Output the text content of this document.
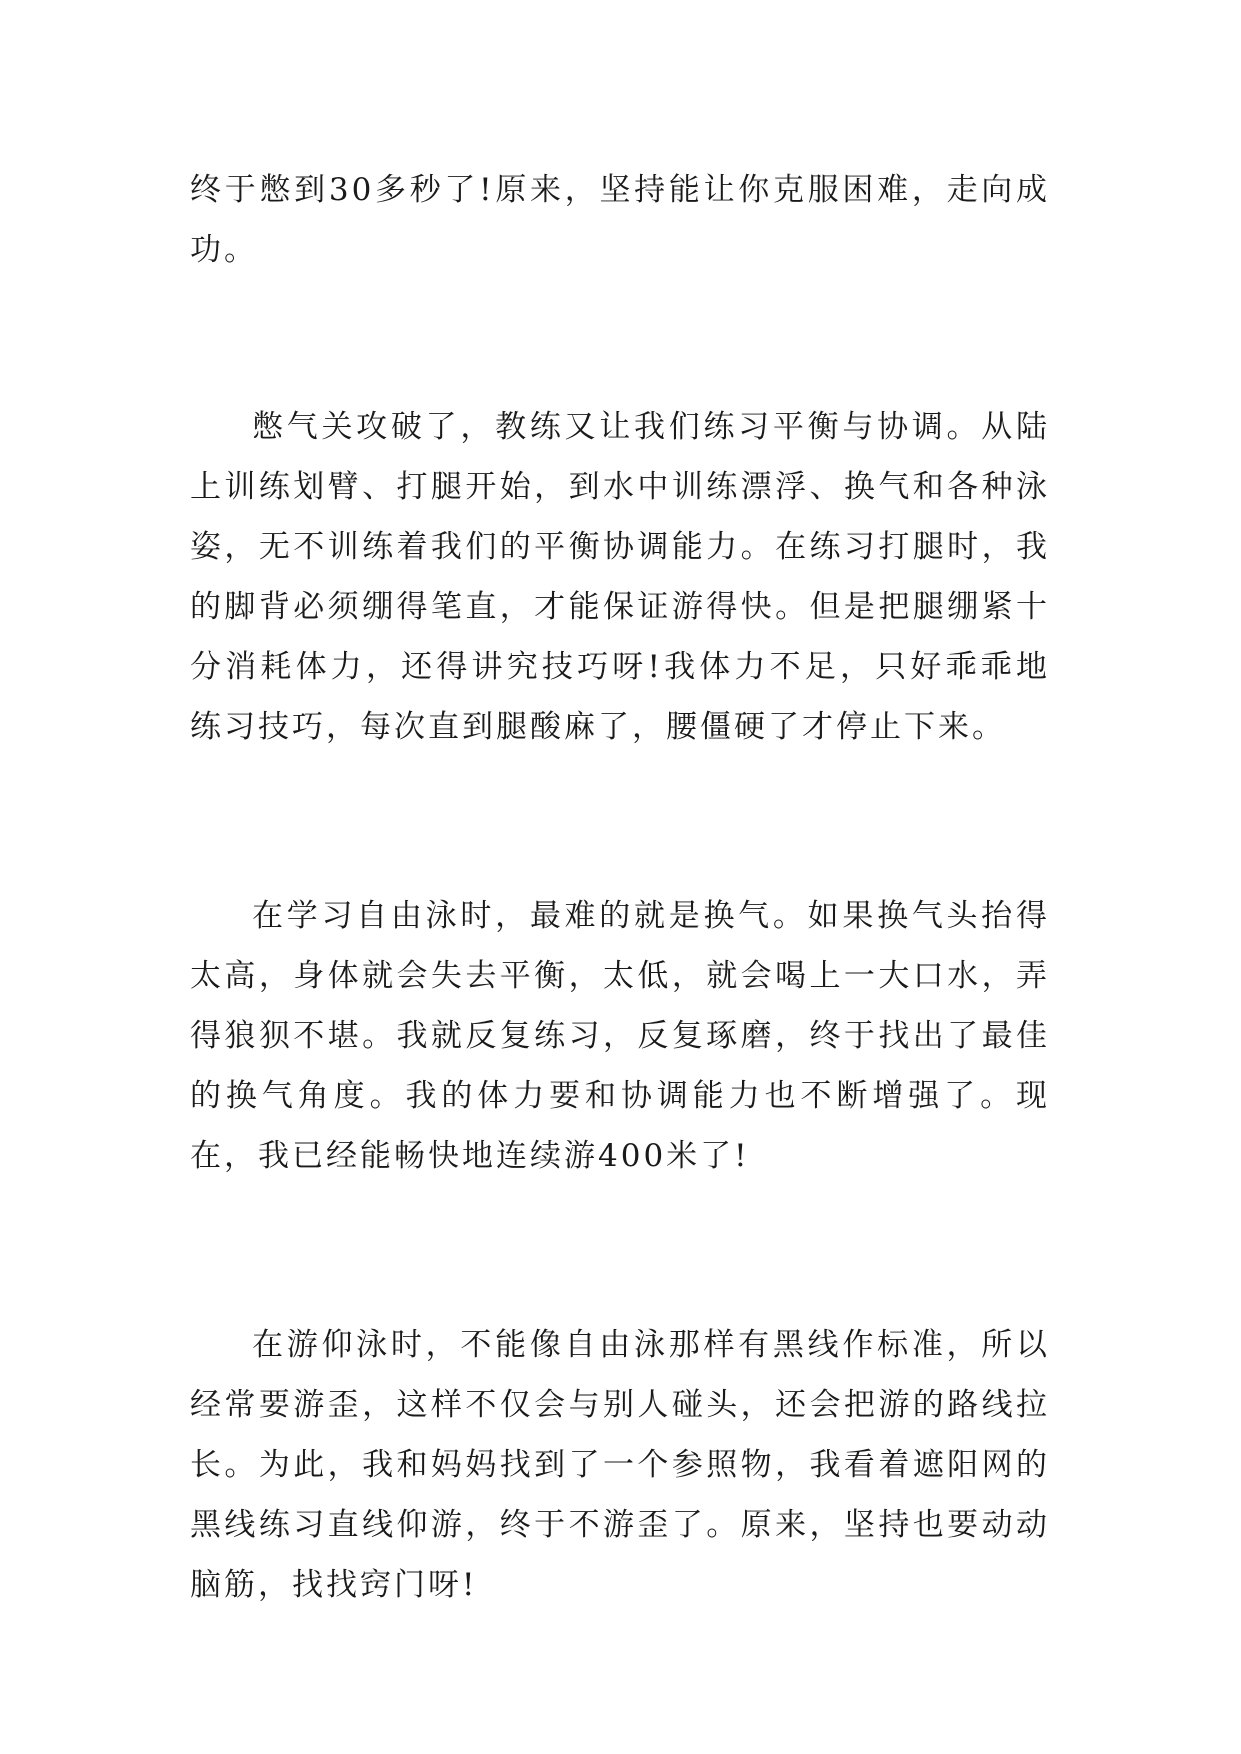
终于憋到30多秒了!原来，坚持能让你克服困难，走向成功。

憋气关攻破了，教练又让我们练习平衡与协调。从陆上训练划臂、打腿开始，到水中训练漂浮、换气和各种泳姿，无不训练着我们的平衡协调能力。在练习打腿时，我的脚背必须绷得笔直，才能保证游得快。但是把腿绷紧十分消耗体力，还得讲究技巧呀!我体力不足，只好乖乖地练习技巧，每次直到腿酸麻了，腰僵硬了才停止下来。

在学习自由泳时，最难的就是换气。如果换气头抬得太高，身体就会失去平衡，太低，就会喝上一大口水，弄得狼狈不堪。我就反复练习，反复琢磨，终于找出了最佳的换气角度。我的体力要和协调能力也不断增强了。现在，我已经能畅快地连续游400米了!

在游仰泳时，不能像自由泳那样有黑线作标准，所以经常要游歪，这样不仅会与别人碰头，还会把游的路线拉长。为此，我和妈妈找到了一个参照物，我看着遮阳网的黑线练习直线仰游，终于不游歪了。原来，坚持也要动动脑筋，找找窍门呀!
